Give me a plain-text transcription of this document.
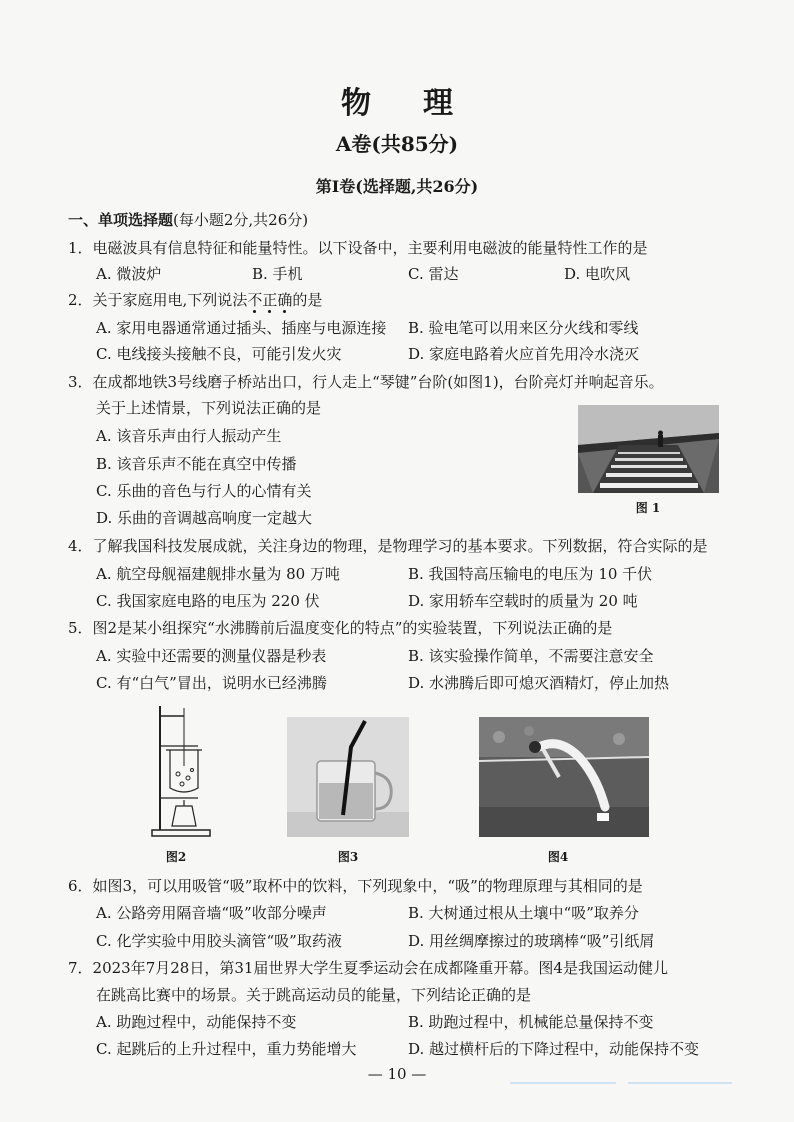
物理
A卷(共85分)
第Ⅰ卷(选择题,共26分)
一、单项选择题(每小题2分,共26分)
1．电磁波具有信息特征和能量特性。以下设备中，主要利用电磁波的能量特性工作的是
A. 微波炉	B. 手机	C. 雷达	D. 电吹风
2．关于家庭用电,下列说法不正确的是
A. 家用电器通常通过插头、插座与电源连接 B. 验电笔可以用来区分火线和零线
C. 电线接头接触不良，可能引发火灾	D. 家庭电路着火应首先用冷水浇灭
3．在成都地铁3号线磨子桥站出口，行人走上“琴键”台阶(如图1)，台阶亮灯并响起音乐。
关于上述情景，下列说法正确的是
A. 该音乐声由行人振动产生
B. 该音乐声不能在真空中传播
C. 乐曲的音色与行人的心情有关
D. 乐曲的音调越高响度一定越大
图 1
4．了解我国科技发展成就，关注身边的物理，是物理学习的基本要求。下列数据，符合实际的是
A. 航空母舰福建舰排水量为 80 万吨	B. 我国特高压输电的电压为 10 千伏
C. 我国家庭电路的电压为 220 伏	D. 家用轿车空载时的质量为 20 吨
5．图2是某小组探究“水沸腾前后温度变化的特点”的实验装置，下列说法正确的是
A. 实验中还需要的测量仪器是秒表	B. 该实验操作简单，不需要注意安全
C. 有“白气”冒出，说明水已经沸腾	D. 水沸腾后即可熄灭酒精灯，停止加热
图2	图3	图4
6．如图3，可以用吸管“吸”取杯中的饮料，下列现象中，“吸”的物理原理与其相同的是
A. 公路旁用隔音墙“吸”收部分噪声	B. 大树通过根从土壤中“吸”取养分
C. 化学实验中用胶头滴管“吸”取药液	D. 用丝绸摩擦过的玻璃棒“吸”引纸屑
7．2023年7月28日，第31届世界大学生夏季运动会在成都隆重开幕。图4是我国运动健儿
在跳高比赛中的场景。关于跳高运动员的能量，下列结论正确的是
A. 助跑过程中，动能保持不变	B. 助跑过程中，机械能总量保持不变
C. 起跳后的上升过程中，重力势能增大	D. 越过横杆后的下降过程中，动能保持不变
— 10 —
